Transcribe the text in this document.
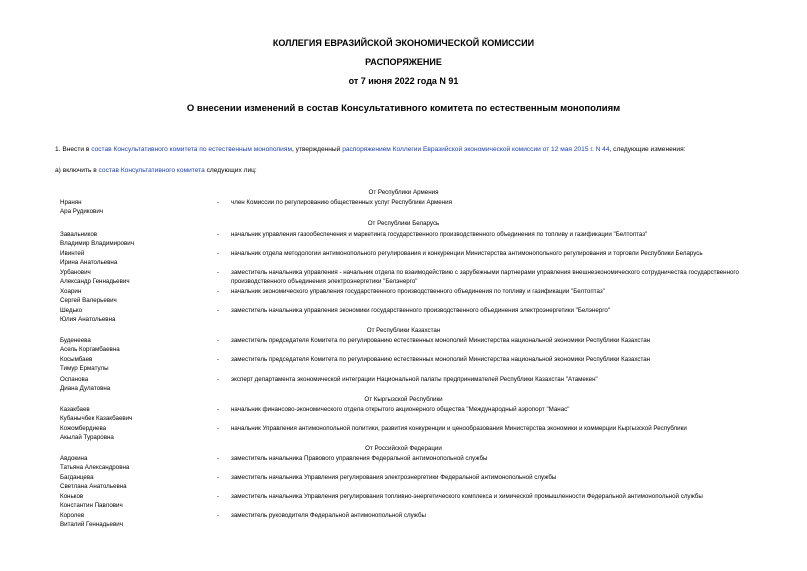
КОЛЛЕГИЯ ЕВРАЗИЙСКОЙ ЭКОНОМИЧЕСКОЙ КОМИССИИ
РАСПОРЯЖЕНИЕ
от 7 июня 2022 года N 91
О внесении изменений в состав Консультативного комитета по естественным монополиям
1. Внести в состав Консультативного комитета по естественным монополиям, утвержденный распоряжением Коллегии Евразийской экономической комиссии от 12 мая 2015 г. N 44, следующие изменения:
а) включить в состав Консультативного комитета следующих лиц:
От Республики Армения
Нранян
Ара Рудикович
- член Комиссии по регулированию общественных услуг Республики Армения
От Республики Беларусь
Завальников
Владимир Владимирович
- начальник управления газообеспечения и маркетинга государственного производственного объединения по топливу и газификации "Белтоптаз"
Ивинтей
Ирина Анатольевна
- начальник отдела методологии антимонопольного регулирования и конкуренции Министерства антимонопольного регулирования и торговли Республики Беларусь
Урбанович
Александр Геннадьевич
- заместитель начальника управления - начальник отдела по взаимодействию с зарубежными партнерами управления внешнеэкономического сотрудничества государственного производственного объединения электроэнергетики "Белэнерго"
Хоарин
Сергей Валерьевич
- начальник экономического управления государственного производственного объединения по топливу и газификации "Белтоптаз"
Шедько
Юлия Анатольевна
- заместитель начальника управления экономики государственного производственного объединения электроэнергетики "Белэнерго"
От Республики Казахстан
Буденеева
Асель Коргамбаевна
- заместитель председателя Комитета по регулированию естественных монополий Министерства национальной экономики Республики Казахстан
Косымбаев
Тимур Ерматулы
- заместитель председателя Комитета по регулированию естественных монополий Министерства национальной экономики Республики Казахстан
Оспанова
Диана Дулатовна
- эксперт департамента экономической интеграции Национальной палаты предпринимателей Республики Казахстан "Атамекен"
От Кыргызской Республики
Казакбаев
Кубанычбек Казакбаевич
- начальник финансово-экономического отдела открытого акционерного общества "Международный аэропорт "Манас"
Кожомбердиева
Акылай Тураровна
- начальник Управления антимонопольной политики, развития конкуренции и ценообразования Министерства экономики и коммерции Кыргызской Республики
От Российской Федерации
Авдокина
Татьяна Александровна
- заместитель начальника Правового управления Федеральной антимонопольной службы
Багданцева
Светлана Анатольевна
- заместитель начальника Управления регулирования электроэнергетики Федеральной антимонопольной службы
Коньков
Константин Павлович
- заместитель начальника Управления регулирования топливно-энергетического комплекса и химической промышленности Федеральной антимонопольной службы
Королев
Виталий Геннадьевич
- заместитель руководителя Федеральной антимонопольной службы
